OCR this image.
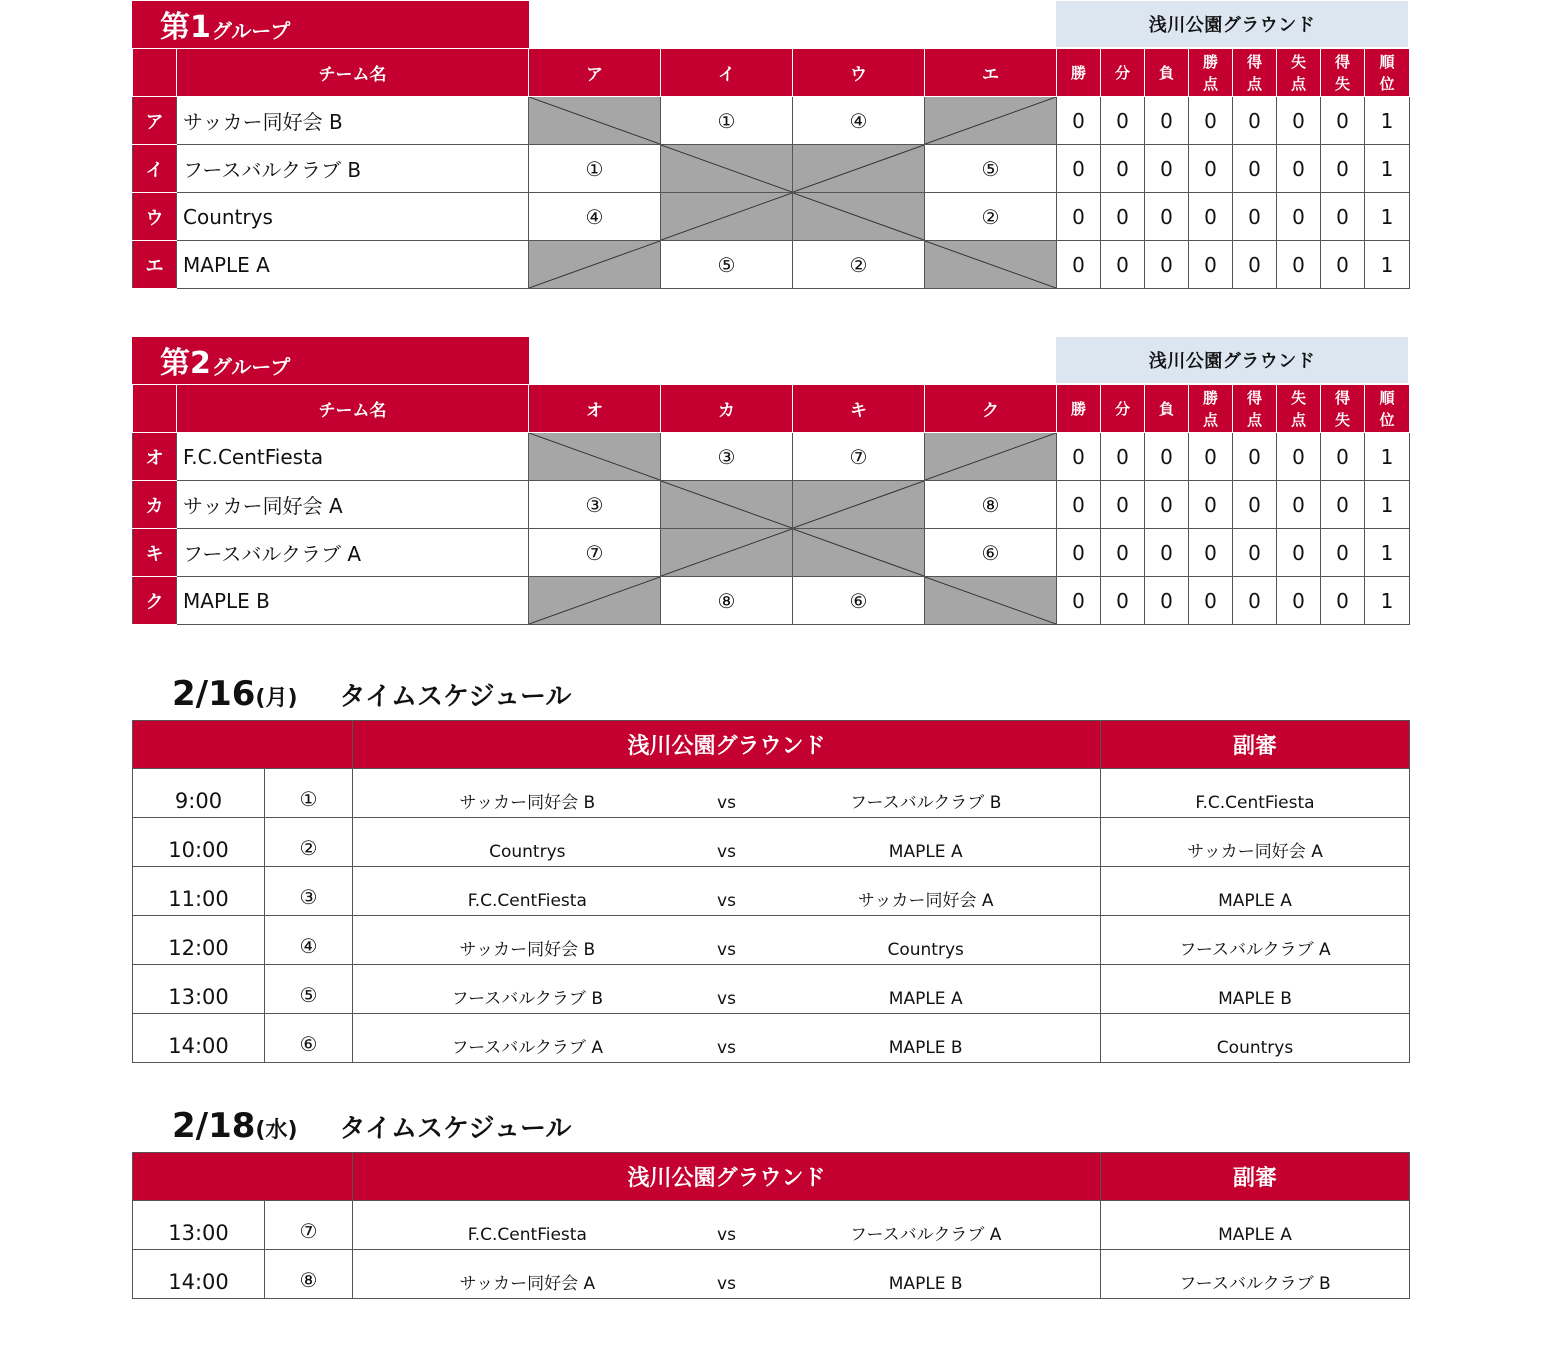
第1 グループ	浅川公園グラウンド
	チーム名	ア	イ	ウ	エ	勝	分	負	勝点	得点	失点	得失	順位
ア	サッカー同好会 B		①	④		0	0	0	0	0	0	0	1
イ	フースバルクラブ B	①			⑤	0	0	0	0	0	0	0	1
ウ	Countrys	④			②	0	0	0	0	0	0	0	1
エ	MAPLE A		⑤	②		0	0	0	0	0	0	0	1
第2 グループ	浅川公園グラウンド
	チーム名	オ	カ	キ	ク	勝	分	負	勝点	得点	失点	得失	順位
オ	F.C.CentFiesta		③	⑦		0	0	0	0	0	0	0	1
カ	サッカー同好会 A	③			⑧	0	0	0	0	0	0	0	1
キ	フースバルクラブ A	⑦			⑥	0	0	0	0	0	0	0	1
ク	MAPLE B		⑧	⑥		0	0	0	0	0	0	0	1
2/16 (月) タイムスケジュール
		浅川公園グラウンド	副審
9:00	①	サッカー同好会 B vs フースバルクラブ B	F.C.CentFiesta
10:00	②	Countrys vs MAPLE A	サッカー同好会 A
11:00	③	F.C.CentFiesta vs サッカー同好会 A	MAPLE A
12:00	④	サッカー同好会 B vs Countrys	フースバルクラブ A
13:00	⑤	フースバルクラブ B vs MAPLE A	MAPLE B
14:00	⑥	フースバルクラブ A vs MAPLE B	Countrys
2/18 (水) タイムスケジュール
		浅川公園グラウンド	副審
13:00	⑦	F.C.CentFiesta vs フースバルクラブ A	MAPLE A
14:00	⑧	サッカー同好会 A vs MAPLE B	フースバルクラブ B
